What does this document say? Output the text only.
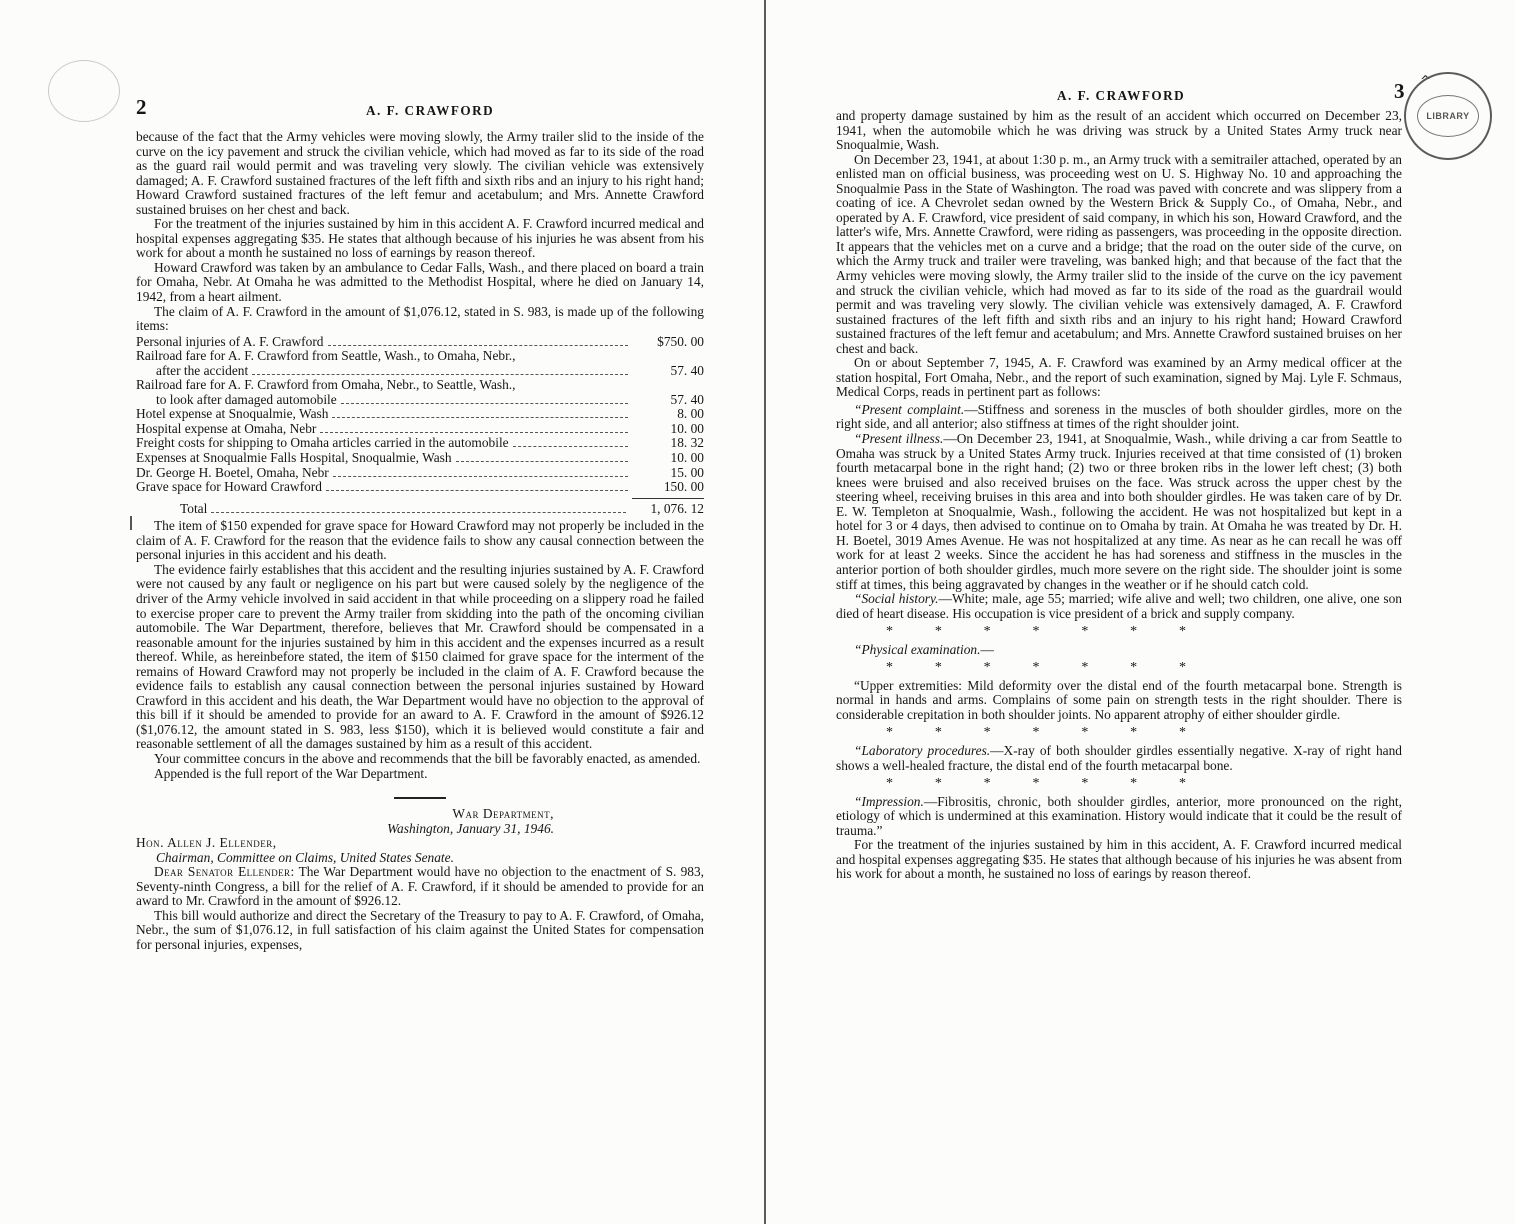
2	A. F. CRAWFORD

because of the fact that the Army vehicles were moving slowly, the Army trailer slid to the inside of the curve on the icy pavement and struck the civilian vehicle, which had moved as far to its side of the road as the guard rail would permit and was traveling very slowly. The civilian vehicle was extensively damaged; A. F. Crawford sustained fractures of the left fifth and sixth ribs and an injury to his right hand; Howard Crawford sustained fractures of the left femur and acetabulum; and Mrs. Annette Crawford sustained bruises on her chest and back.

For the treatment of the injuries sustained by him in this accident A. F. Crawford incurred medical and hospital expenses aggregating $35. He states that although because of his injuries he was absent from his work for about a month he sustained no loss of earnings by reason thereof.

Howard Crawford was taken by an ambulance to Cedar Falls, Wash., and there placed on board a train for Omaha, Nebr. At Omaha he was admitted to the Methodist Hospital, where he died on January 14, 1942, from a heart ailment.

The claim of A. F. Crawford in the amount of $1,076.12, stated in S. 983, is made up of the following items:

Personal injuries of A. F. Crawford	$750. 00
Railroad fare for A. F. Crawford from Seattle, Wash., to Omaha, Nebr.,
after the accident	57. 40
Railroad fare for A. F. Crawford from Omaha, Nebr., to Seattle, Wash.,
to look after damaged automobile	57. 40
Hotel expense at Snoqualmie, Wash	8. 00
Hospital expense at Omaha, Nebr	10. 00
Freight costs for shipping to Omaha articles carried in the automobile	18. 32
Expenses at Snoqualmie Falls Hospital, Snoqualmie, Wash	10. 00
Dr. George H. Boetel, Omaha, Nebr	15. 00
Grave space for Howard Crawford	150. 00
Total	1, 076. 12

The item of $150 expended for grave space for Howard Crawford may not properly be included in the claim of A. F. Crawford for the reason that the evidence fails to show any causal connection between the personal injuries in this accident and his death.

The evidence fairly establishes that this accident and the resulting injuries sustained by A. F. Crawford were not caused by any fault or negligence on his part but were caused solely by the negligence of the driver of the Army vehicle involved in said accident in that while proceeding on a slippery road he failed to exercise proper care to prevent the Army trailer from skidding into the path of the oncoming civilian automobile. The War Department, therefore, believes that Mr. Crawford should be compensated in a reasonable amount for the injuries sustained by him in this accident and the expenses incurred as a result thereof. While, as hereinbefore stated, the item of $150 claimed for grave space for the interment of the remains of Howard Crawford may not properly be included in the claim of A. F. Crawford because the evidence fails to establish any causal connection between the personal injuries sustained by Howard Crawford in this accident and his death, the War Department would have no objection to the approval of this bill if it should be amended to provide for an award to A. F. Crawford in the amount of $926.12 ($1,076.12, the amount stated in S. 983, less $150), which it is believed would constitute a fair and reasonable settlement of all the damages sustained by him as a result of this accident.

Your committee concurs in the above and recommends that the bill be favorably enacted, as amended.

Appended is the full report of the War Department.

War Department,
Washington, January 31, 1946.
Hon. Allen J. Ellender,
Chairman, Committee on Claims, United States Senate.

Dear Senator Ellender: The War Department would have no objection to the enactment of S. 983, Seventy-ninth Congress, a bill for the relief of A. F. Crawford, if it should be amended to provide for an award to Mr. Crawford in the amount of $926.12.

This bill would authorize and direct the Secretary of the Treasury to pay to A. F. Crawford, of Omaha, Nebr., the sum of $1,076.12, in full satisfaction of his claim against the United States for compensation for personal injuries, expenses,

A. F. CRAWFORD	3 ^

and property damage sustained by him as the result of an accident which occurred on December 23, 1941, when the automobile which he was driving was struck by a United States Army truck near Snoqualmie, Wash.

On December 23, 1941, at about 1:30 p. m., an Army truck with a semitrailer attached, operated by an enlisted man on official business, was proceeding west on U. S. Highway No. 10 and approaching the Snoqualmie Pass in the State of Washington. The road was paved with concrete and was slippery from a coating of ice. A Chevrolet sedan owned by the Western Brick & Supply Co., of Omaha, Nebr., and operated by A. F. Crawford, vice president of said company, in which his son, Howard Crawford, and the latter's wife, Mrs. Annette Crawford, were riding as passengers, was proceeding in the opposite direction. It appears that the vehicles met on a curve and a bridge; that the road on the outer side of the curve, on which the Army truck and trailer were traveling, was banked high; and that because of the fact that the Army vehicles were moving slowly, the Army trailer slid to the inside of the curve on the icy pavement and struck the civilian vehicle, which had moved as far to its side of the road as the guardrail would permit and was traveling very slowly. The civilian vehicle was extensively damaged, A. F. Crawford sustained fractures of the left fifth and sixth ribs and an injury to his right hand; Howard Crawford sustained fractures of the left femur and acetabulum; and Mrs. Annette Crawford sustained bruises on her chest and back.

On or about September 7, 1945, A. F. Crawford was examined by an Army medical officer at the station hospital, Fort Omaha, Nebr., and the report of such examination, signed by Maj. Lyle F. Schmaus, Medical Corps, reads in pertinent part as follows:

“Present complaint.—Stiffness and soreness in the muscles of both shoulder girdles, more on the right side, and all anterior; also stiffness at times of the right shoulder joint.

“Present illness.—On December 23, 1941, at Snoqualmie, Wash., while driving a car from Seattle to Omaha was struck by a United States Army truck. Injuries received at that time consisted of (1) broken fourth metacarpal bone in the right hand; (2) two or three broken ribs in the lower left chest; (3) both knees were bruised and also received bruises on the face. Was struck across the upper chest by the steering wheel, receiving bruises in this area and into both shoulder girdles. He was taken care of by Dr. E. W. Templeton at Snoqualmie, Wash., following the accident. He was not hospitalized but kept in a hotel for 3 or 4 days, then advised to continue on to Omaha by train. At Omaha he was treated by Dr. H. H. Boetel, 3019 Ames Avenue. He was not hospitalized at any time. As near as he can recall he was off work for at least 2 weeks. Since the accident he has had soreness and stiffness in the muscles in the anterior portion of both shoulder girdles, much more severe on the right side. The shoulder joint is some stiff at times, this being aggravated by changes in the weather or if he should catch cold.

“Social history.—White; male, age 55; married; wife alive and well; two children, one alive, one son died of heart disease. His occupation is vice president of a brick and supply company.

*	*	*	*	*	*	*

“Physical examination.—

*	*	*	*	*	*	*

“Upper extremities: Mild deformity over the distal end of the fourth metacarpal bone. Strength is normal in hands and arms. Complains of some pain on strength tests in the right shoulder. There is considerable crepitation in both shoulder joints. No apparent atrophy of either shoulder girdle.

*	*	*	*	*	*	*

“Laboratory procedures.—X-ray of both shoulder girdles essentially negative. X-ray of right hand shows a well-healed fracture, the distal end of the fourth metacarpal bone.

*	*	*	*	*	*	*

“Impression.—Fibrositis, chronic, both shoulder girdles, anterior, more pronounced on the right, etiology of which is undermined at this examination. History would indicate that it could be the result of trauma.”

For the treatment of the injuries sustained by him in this accident, A. F. Crawford incurred medical and hospital expenses aggregating $35. He states that although because of his injuries he was absent from his work for about a month, he sustained no loss of earings by reason thereof.

LIBRARY
